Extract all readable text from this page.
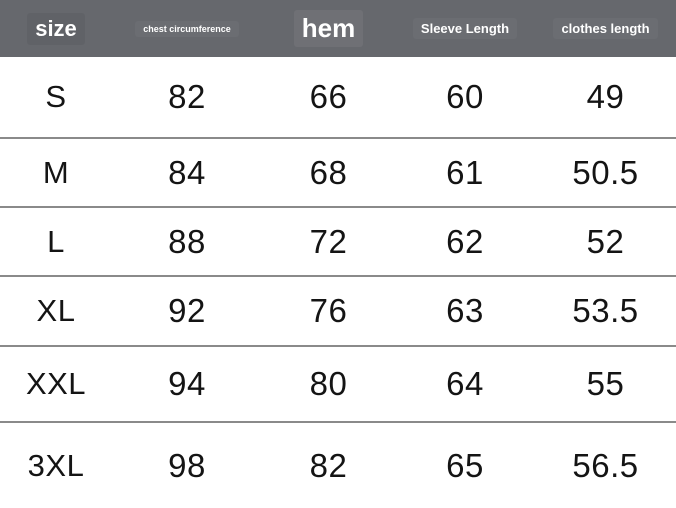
size	chest circumference	hem	Sleeve Length	clothes length
S	82	66	60	49
M	84	68	61	50.5
L	88	72	62	52
XL	92	76	63	53.5
XXL	94	80	64	55
3XL	98	82	65	56.5
